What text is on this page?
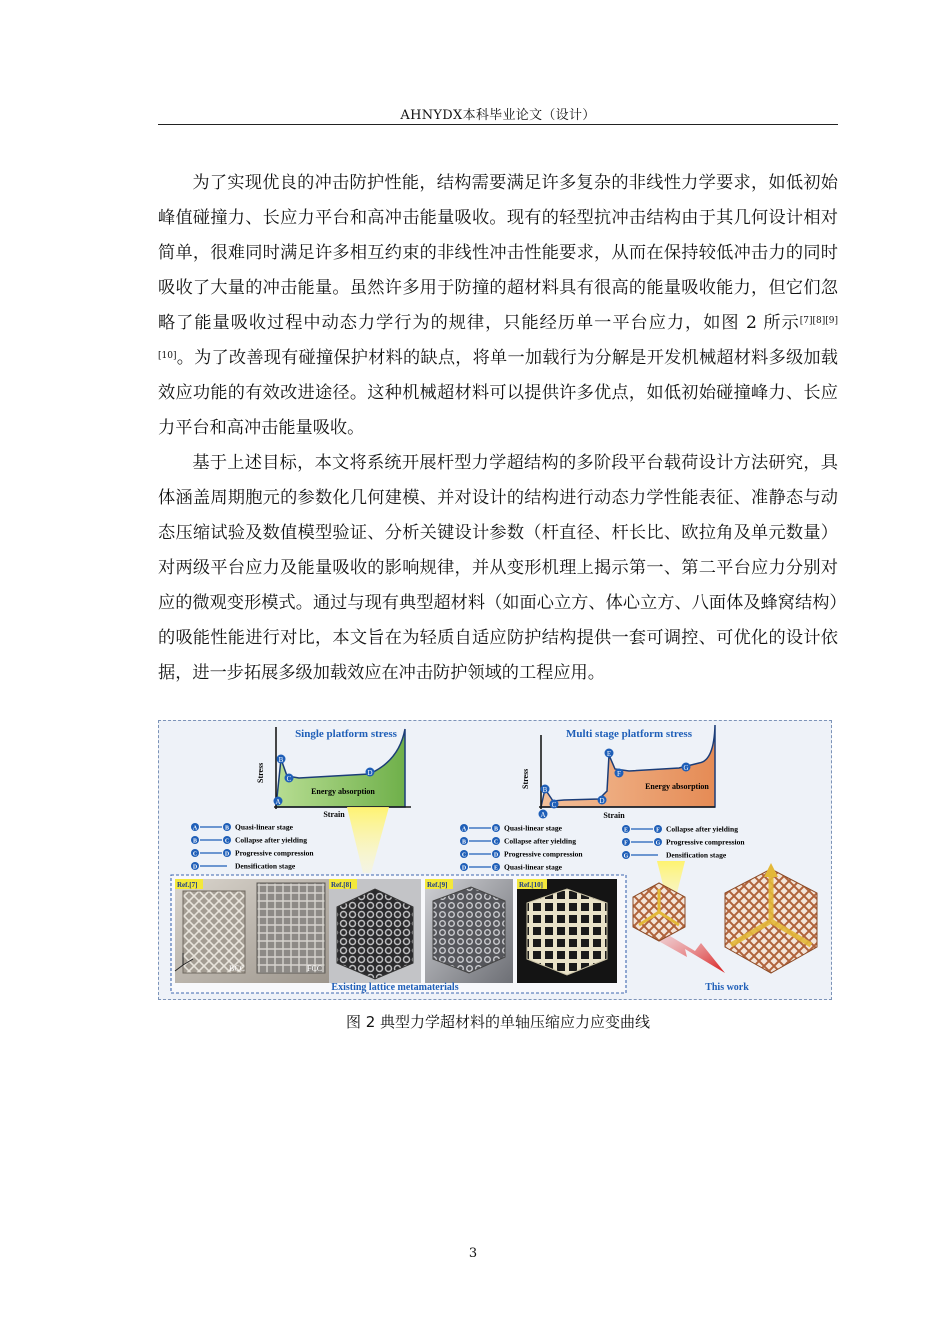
AHNYDX本科毕业论文（设计）

为了实现优良的冲击防护性能，结构需要满足许多复杂的非线性力学要求，如低初始峰值碰撞力、长应力平台和高冲击能量吸收。现有的轻型抗冲击结构由于其几何设计相对简单，很难同时满足许多相互约束的非线性冲击性能要求，从而在保持较低冲击力的同时吸收了大量的冲击能量。虽然许多用于防撞的超材料具有很高的能量吸收能力，但它们忽略了能量吸收过程中动态力学行为的规律，只能经历单一平台应力，如图 2 所示[7][8][9][10]。为了改善现有碰撞保护材料的缺点，将单一加载行为分解是开发机械超材料多级加载效应功能的有效改进途径。这种机械超材料可以提供许多优点，如低初始碰撞峰力、长应力平台和高冲击能量吸收。

基于上述目标，本文将系统开展杆型力学超结构的多阶段平台载荷设计方法研究，具体涵盖周期胞元的参数化几何建模、并对设计的结构进行动态力学性能表征、准静态与动态压缩试验及数值模型验证、分析关键设计参数（杆直径、杆长比、欧拉角及单元数量）对两级平台应力及能量吸收的影响规律，并从变形机理上揭示第一、第二平台应力分别对应的微观变形模式。通过与现有典型超材料（如面心立方、体心立方、八面体及蜂窝结构）的吸能性能进行对比，本文旨在为轻质自适应防护结构提供一套可调控、可优化的设计依据，进一步拓展多级加载效应在冲击防护领域的工程应用。

Single platform stress
Stress
Strain
Energy absorption
A
B
C
D
A	B Quasi-linear stage
B	C Collapse after yielding
C	D Progressive compression
D	Densification stage
Multi stage platform stress
Stress
Strain
Energy absorption
A
B
C	D
E
F
G
A	B Quasi-linear stage
B	C Collapse after yielding
C	D Progressive compression
D	E Quasi-linear stage
E	F Collapse after yielding
F	G Progressive compression
G	Densification stage
Ref.[7]
BCC	FCC
Ref.[8]	Ref.[9]	Ref.[10]
Existing lattice metamaterials	This work
图 2 典型力学超材料的单轴压缩应力应变曲线
3
